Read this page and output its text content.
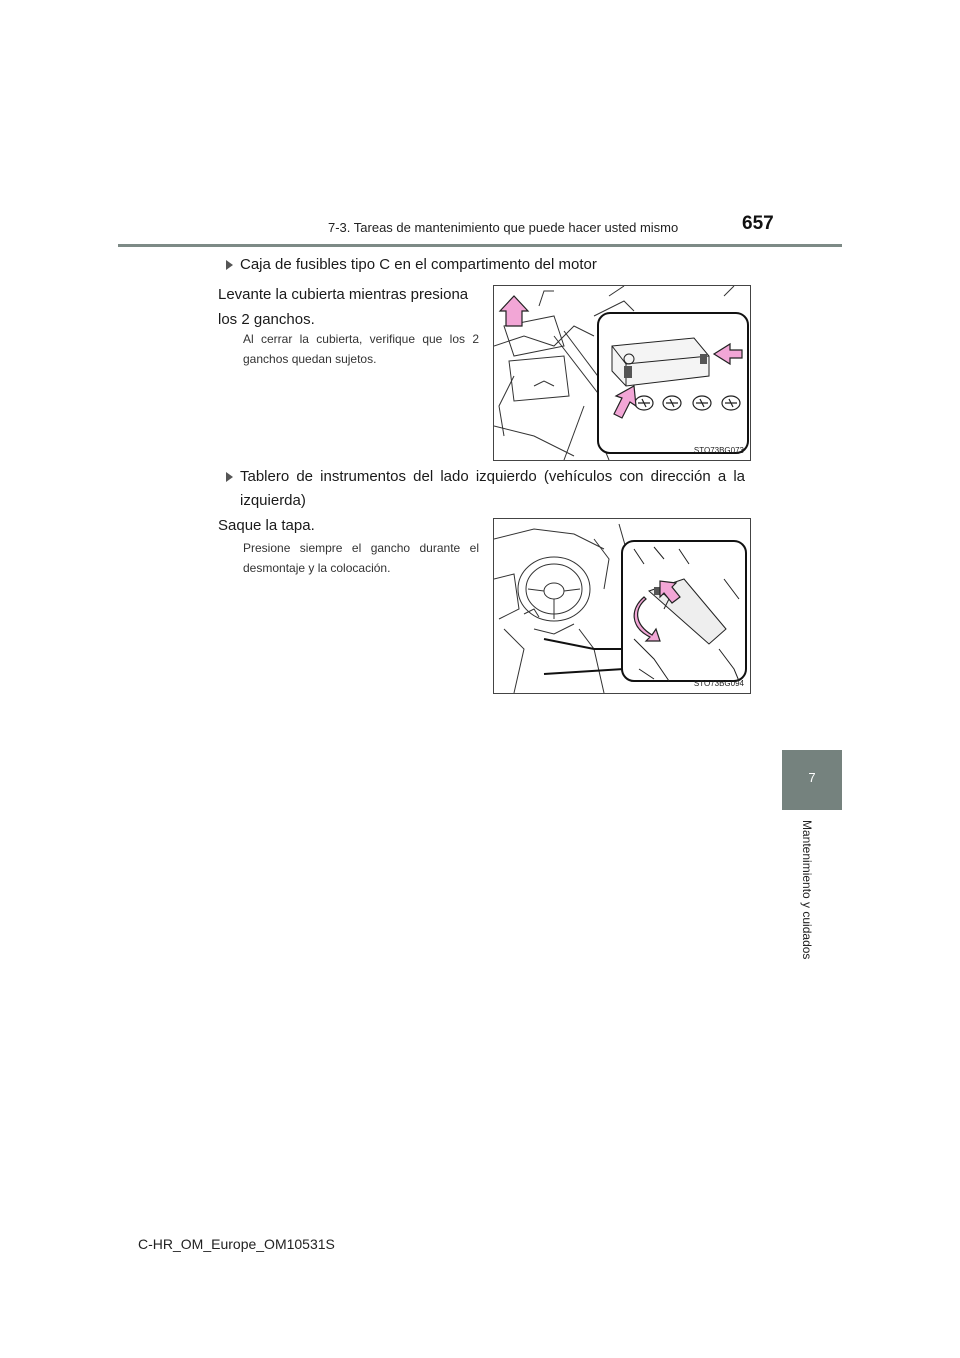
7-3. Tareas de mantenimiento que puede hacer usted mismo	657
7
Mantenimiento y cuidados
Caja de fusibles tipo C en el compartimento del motor
Levante la cubierta mientras presiona los 2 ganchos.
Al cerrar la cubierta, verifique que los 2 ganchos quedan sujetos.
STO73BG073
Tablero de instrumentos del lado izquierdo (vehículos con dirección a la izquierda)
Saque la tapa.
Presione siempre el gancho durante el desmontaje y la colocación.
STO73BG094
C-HR_OM_Europe_OM10531S
